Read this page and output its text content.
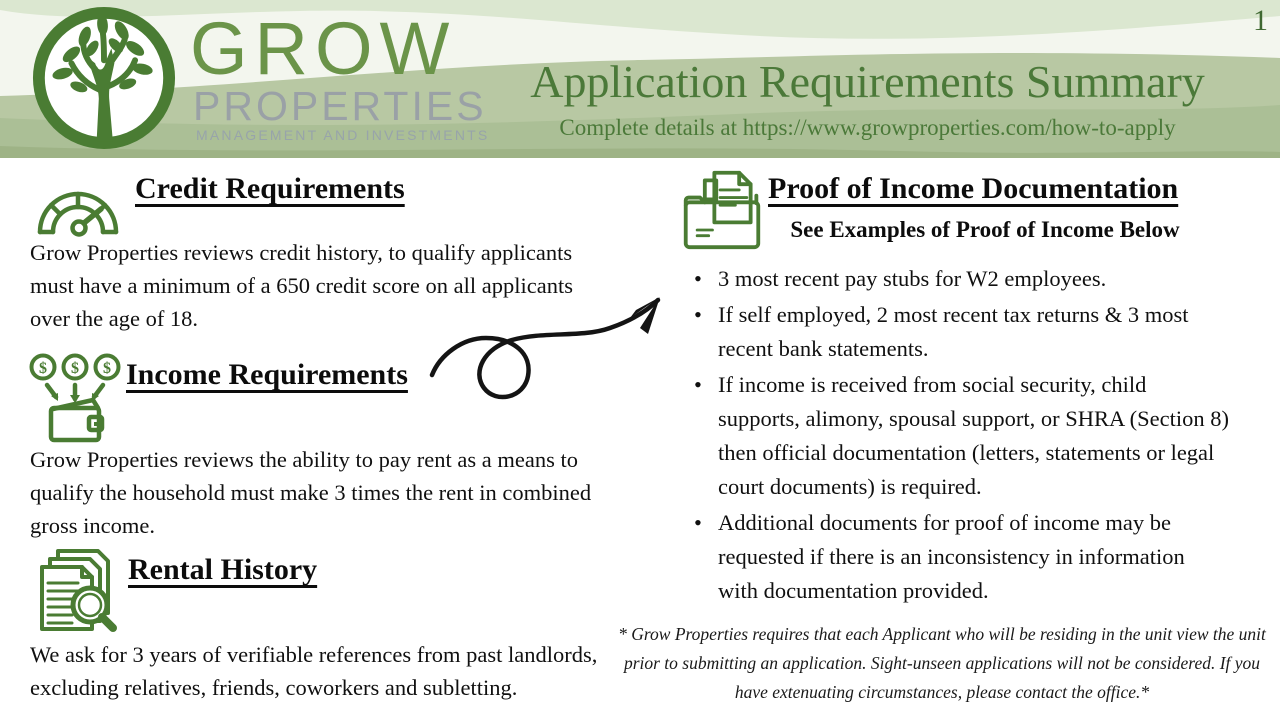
GROW
PROPERTIES
MANAGEMENT AND INVESTMENTS
1
Application Requirements Summary
Complete details at https://www.growproperties.com/how-to-apply
Credit Requirements
Grow Properties reviews credit history, to qualify applicants must have a minimum of a 650 credit score on all applicants over the age of 18.
$ $ $ Income Requirements
Grow Properties reviews the ability to pay rent as a means to qualify the household must make 3 times the rent in combined gross income.
Rental History
We ask for 3 years of verifiable references from past landlords, excluding relatives, friends, coworkers and subletting.
Proof of Income Documentation
See Examples of Proof of Income Below
• 3 most recent pay stubs for W2 employees.
• If self employed, 2 most recent tax returns & 3 most recent bank statements.
• If income is received from social security, child supports, alimony, spousal support, or SHRA (Section 8) then official documentation (letters, statements or legal court documents) is required.
• Additional documents for proof of income may be requested if there is an inconsistency in information with documentation provided.
* Grow Properties requires that each Applicant who will be residing in the unit view the unit prior to submitting an application. Sight-unseen applications will not be considered. If you have extenuating circumstances, please contact the office.*
